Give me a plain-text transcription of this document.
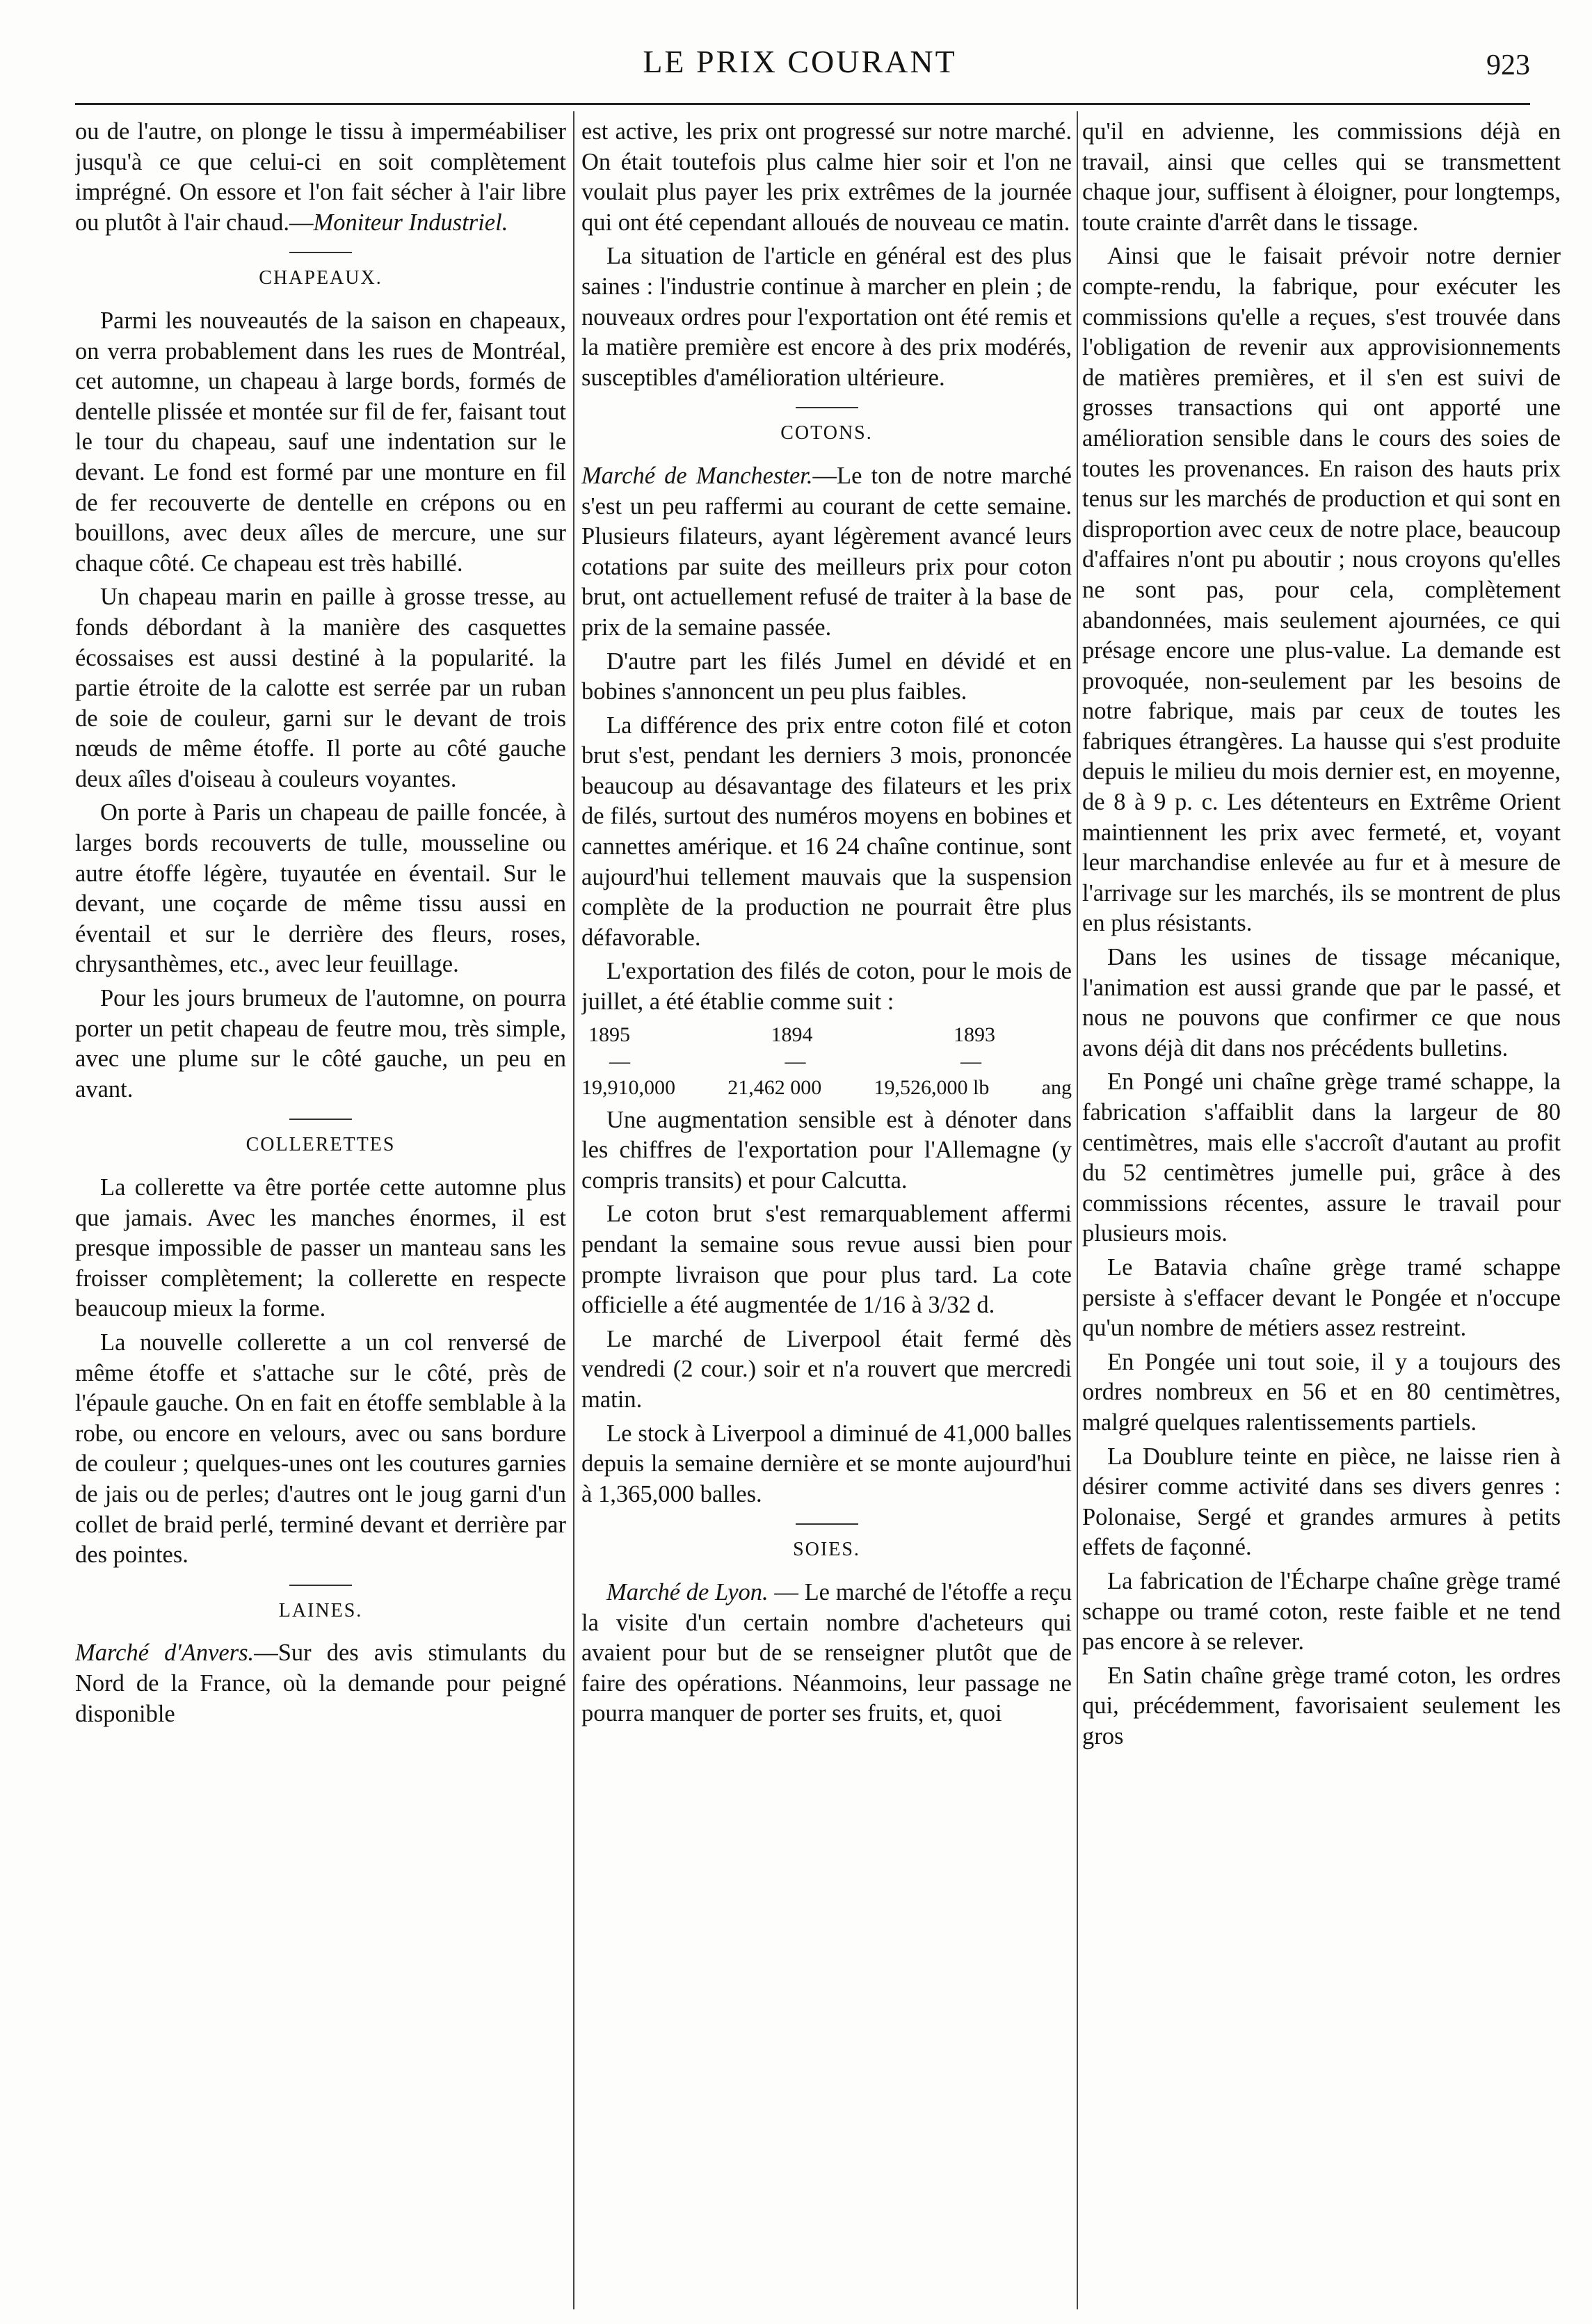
LE PRIX COURANT	923

ou de l'autre, on plonge le tissu à imperméabiliser jusqu'à ce que celui-ci en soit complètement imprégné. On essore et l'on fait sécher à l'air libre ou plutôt à l'air chaud.—Moniteur Industriel.

CHAPEAUX.

Parmi les nouveautés de la saison en chapeaux, on verra probablement dans les rues de Montréal, cet automne, un chapeau à large bords, formés de dentelle plissée et montée sur fil de fer, faisant tout le tour du chapeau, sauf une indentation sur le devant. Le fond est formé par une monture en fil de fer recouverte de dentelle en crépons ou en bouillons, avec deux aîles de mercure, une sur chaque côté. Ce chapeau est très habillé.

Un chapeau marin en paille à grosse tresse, au fonds débordant à la manière des casquettes écossaises est aussi destiné à la popularité. la partie étroite de la calotte est serrée par un ruban de soie de couleur, garni sur le devant de trois nœuds de même étoffe. Il porte au côté gauche deux aîles d'oiseau à couleurs voyantes.

On porte à Paris un chapeau de paille foncée, à larges bords recouverts de tulle, mousseline ou autre étoffe légère, tuyautée en éventail. Sur le devant, une coçarde de même tissu aussi en éventail et sur le derrière des fleurs, roses, chrysanthèmes, etc., avec leur feuillage.

Pour les jours brumeux de l'automne, on pourra porter un petit chapeau de feutre mou, très simple, avec une plume sur le côté gauche, un peu en avant.

COLLERETTES

La collerette va être portée cette automne plus que jamais. Avec les manches énormes, il est presque impossible de passer un manteau sans les froisser complètement; la collerette en respecte beaucoup mieux la forme.

La nouvelle collerette a un col renversé de même étoffe et s'attache sur le côté, près de l'épaule gauche. On en fait en étoffe semblable à la robe, ou encore en velours, avec ou sans bordure de couleur ; quelques-unes ont les coutures garnies de jais ou de perles; d'autres ont le joug garni d'un collet de braid perlé, terminé devant et derrière par des pointes.

LAINES.

Marché d'Anvers.—Sur des avis stimulants du Nord de la France, où la demande pour peigné disponible

est active, les prix ont progressé sur notre marché. On était toutefois plus calme hier soir et l'on ne voulait plus payer les prix extrêmes de la journée qui ont été cependant alloués de nouveau ce matin.

La situation de l'article en général est des plus saines : l'industrie continue à marcher en plein ; de nouveaux ordres pour l'exportation ont été remis et la matière première est encore à des prix modérés, susceptibles d'amélioration ultérieure.

COTONS.

Marché de Manchester.—Le ton de notre marché s'est un peu raffermi au courant de cette semaine. Plusieurs filateurs, ayant légèrement avancé leurs cotations par suite des meilleurs prix pour coton brut, ont actuellement refusé de traiter à la base de prix de la semaine passée.

D'autre part les filés Jumel en dévidé et en bobines s'annoncent un peu plus faibles.

La différence des prix entre coton filé et coton brut s'est, pendant les derniers 3 mois, prononcée beaucoup au désavantage des filateurs et les prix de filés, surtout des numéros moyens en bobines et cannettes amérique. et 16 24 chaîne continue, sont aujourd'hui tellement mauvais que la suspension complète de la production ne pourrait être plus défavorable.

L'exportation des filés de coton, pour le mois de juillet, a été établie comme suit :

1895	1894	1893
—	—	—
19,910,000	21,462 000	19,526,000 lb	ang

Une augmentation sensible est à dénoter dans les chiffres de l'exportation pour l'Allemagne (y compris transits) et pour Calcutta.

Le coton brut s'est remarquablement affermi pendant la semaine sous revue aussi bien pour prompte livraison que pour plus tard. La cote officielle a été augmentée de 1/16 à 3/32 d.

Le marché de Liverpool était fermé dès vendredi (2 cour.) soir et n'a rouvert que mercredi matin.

Le stock à Liverpool a diminué de 41,000 balles depuis la semaine dernière et se monte aujourd'hui à 1,365,000 balles.

SOIES.

Marché de Lyon. — Le marché de l'étoffe a reçu la visite d'un certain nombre d'acheteurs qui avaient pour but de se renseigner plutôt que de faire des opérations. Néanmoins, leur passage ne pourra manquer de porter ses fruits, et, quoi

qu'il en advienne, les commissions déjà en travail, ainsi que celles qui se transmettent chaque jour, suffisent à éloigner, pour longtemps, toute crainte d'arrêt dans le tissage.

Ainsi que le faisait prévoir notre dernier compte-rendu, la fabrique, pour exécuter les commissions qu'elle a reçues, s'est trouvée dans l'obligation de revenir aux approvisionnements de matières premières, et il s'en est suivi de grosses transactions qui ont apporté une amélioration sensible dans le cours des soies de toutes les provenances. En raison des hauts prix tenus sur les marchés de production et qui sont en disproportion avec ceux de notre place, beaucoup d'affaires n'ont pu aboutir ; nous croyons qu'elles ne sont pas, pour cela, complètement abandonnées, mais seulement ajournées, ce qui présage encore une plus-value. La demande est provoquée, non-seulement par les besoins de notre fabrique, mais par ceux de toutes les fabriques étrangères. La hausse qui s'est produite depuis le milieu du mois dernier est, en moyenne, de 8 à 9 p. c. Les détenteurs en Extrême Orient maintiennent les prix avec fermeté, et, voyant leur marchandise enlevée au fur et à mesure de l'arrivage sur les marchés, ils se montrent de plus en plus résistants.

Dans les usines de tissage mécanique, l'animation est aussi grande que par le passé, et nous ne pouvons que confirmer ce que nous avons déjà dit dans nos précédents bulletins.

En Pongé uni chaîne grège tramé schappe, la fabrication s'affaiblit dans la largeur de 80 centimètres, mais elle s'accroît d'autant au profit du 52 centimètres jumelle pui, grâce à des commissions récentes, assure le travail pour plusieurs mois.

Le Batavia chaîne grège tramé schappe persiste à s'effacer devant le Pongée et n'occupe qu'un nombre de métiers assez restreint.

En Pongée uni tout soie, il y a toujours des ordres nombreux en 56 et en 80 centimètres, malgré quelques ralentissements partiels.

La Doublure teinte en pièce, ne laisse rien à désirer comme activité dans ses divers genres : Polonaise, Sergé et grandes armures à petits effets de façonné.

La fabrication de l'Écharpe chaîne grège tramé schappe ou tramé coton, reste faible et ne tend pas encore à se relever.

En Satin chaîne grège tramé coton, les ordres qui, précédemment, favorisaient seulement les gros
